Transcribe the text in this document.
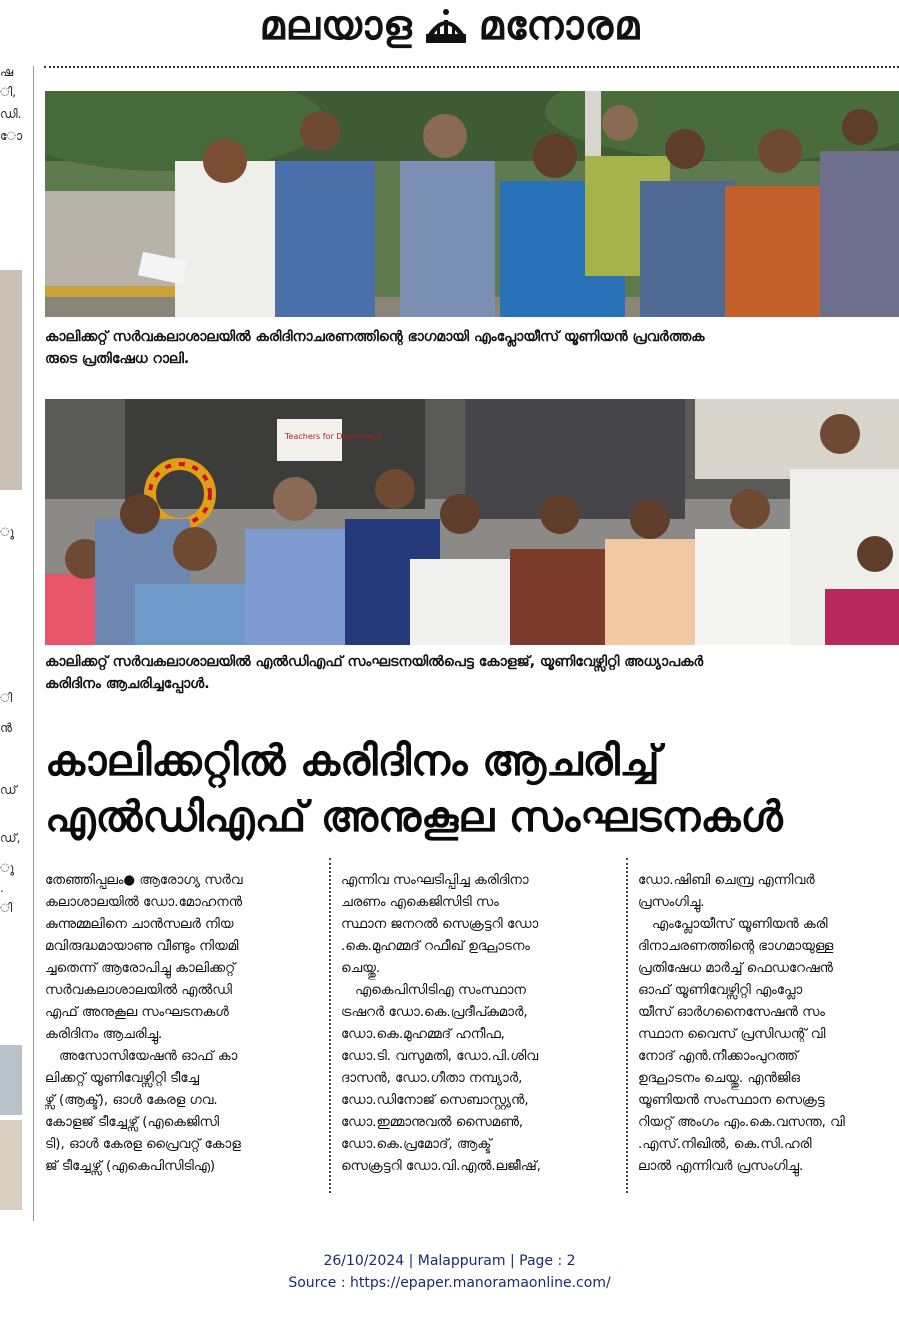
മലയാള മനോരമ
ഷ
ി,
ഡി.
ോ
ു
ി
ൻ
ഡ്
ഡ്,
ു
.
ി
കാലിക്കറ്റ് സർവകലാശാലയിൽ കരിദിനാചരണത്തിന്റെ ഭാഗമായി എംപ്ലോയീസ് യൂണിയൻ പ്രവർത്തക
രുടെ പ്രതിഷേധ റാലി.
Teachers for Democracy
കാലിക്കറ്റ് സർവകലാശാലയിൽ എൽഡിഎഫ് സംഘടനയിൽപെട്ട കോളജ്, യൂണിവേഴ്സിറ്റി അധ്യാപകർ
കരിദിനം ആചരിച്ചപ്പോൾ.
കാലിക്കറ്റിൽ കരിദിനം ആചരിച്ച്
എൽഡിഎഫ് അനുകൂല സംഘടനകൾ

തേഞ്ഞിപ്പലം● ആരോഗ്യ സർവ

കലാശാലയിൽ ഡോ.മോഹനൻ

കുന്നുമ്മലിനെ ചാൻസലർ നിയ

മവിരുദ്ധമായാണു വീണ്ടും നിയമി

ച്ചതെന്ന് ആരോപിച്ചു കാലിക്കറ്റ്

സർവകലാശാലയിൽ എൽഡി

എഫ് അനുകൂല സംഘടനകൾ

കരിദിനം ആചരിച്ചു.

അസോസിയേഷൻ ഓഫ് കാ

ലിക്കറ്റ് യൂണിവേഴ്സിറ്റി ടീച്ചേ

ഴ്സ് (ആക്ട്), ഓൾ കേരള ഗവ.

കോളജ് ടീച്ചേഴ്സ് (എകെജിസി

ടി), ഓൾ കേരള പ്രൈവറ്റ് കോള

ജ് ടീച്ചേഴ്സ് (എകെപിസിടിഎ)

എന്നിവ സംഘടിപ്പിച്ച കരിദിനാ

ചരണം എകെജിസിടി സം

സ്ഥാന ജനറൽ സെക്രട്ടറി ഡോ

.കെ.മുഹമ്മദ് റഫീഖ് ഉദ്ഘാടനം

ചെയ്തു.

എകെപിസിടിഎ സംസ്ഥാന

ട്രഷറർ ഡോ.കെ.പ്രദീപ്കുമാർ,

ഡോ.കെ.മുഹമ്മദ് ഹനീഫ,

ഡോ.ടി. വസുമതി, ഡോ.പി.ശിവ

ദാസൻ, ഡോ.ഗീതാ നമ്പ്യാർ,

ഡോ.ഡിനോജ് സെബാസ്റ്റ്യൻ,

ഡോ.ഇമ്മാനുവൽ സൈമൺ,

ഡോ.കെ.പ്രമോദ്, ആക്ട്

സെക്രട്ടറി ഡോ.വി.എൽ.ലജീഷ്,

ഡോ.ഷിബി ചെമ്പ്ര എന്നിവർ

പ്രസംഗിച്ചു.

എംപ്ലോയീസ് യൂണിയൻ കരി

ദിനാചരണത്തിന്റെ ഭാഗമായുള്ള

പ്രതിഷേധ മാർച്ച് ഫെഡറേഷൻ

ഓഫ് യൂണിവേഴ്സിറ്റി എംപ്ലോ

യീസ് ഓർഗനൈസേഷൻ സം

സ്ഥാന വൈസ് പ്രസിഡന്റ് വി

നോദ് എൻ.നീക്കാംപുറത്ത്

ഉദ്ഘാടനം ചെയ്തു. എൻജിഒ

യൂണിയൻ സംസ്ഥാന സെക്രട്ട

റിയറ്റ് അംഗം എം.കെ.വസന്ത, വി

.എസ്.നിഖിൽ, കെ.സി.ഹരി

ലാൽ എന്നിവർ പ്രസംഗിച്ചു.

26/10/2024 | Malappuram | Page : 2
Source : https://epaper.manoramaonline.com/
